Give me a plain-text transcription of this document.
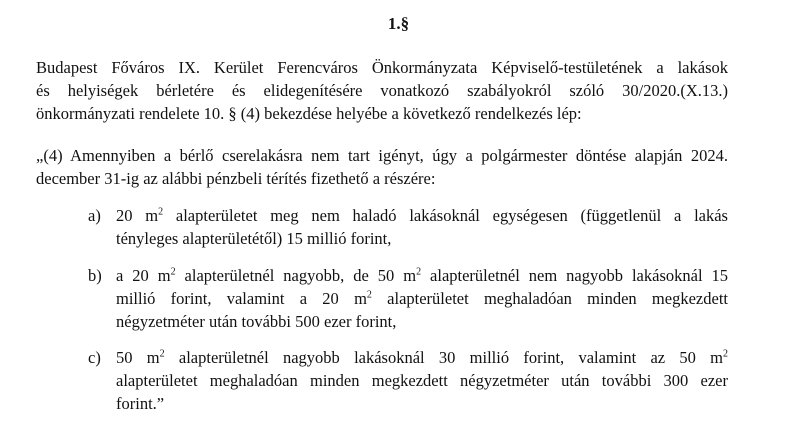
1.§
Budapest Főváros IX. Kerület Ferencváros Önkormányzata Képviselő-testületének a lakások
és helyiségek bérletére és elidegenítésére vonatkozó szabályokról szóló 30/2020.(X.13.)
önkormányzati rendelete 10. § (4) bekezdése helyébe a következő rendelkezés lép:
„(4) Amennyiben a bérlő cserelakásra nem tart igényt, úgy a polgármester döntése alapján 2024.
december 31-ig az alábbi pénzbeli térítés fizethető a részére:
a) 20 $m^2$ alapterületet meg nem haladó lakásoknál egységesen (függetlenül a lakás
tényleges alapterületétől) 15 millió forint,
b) a 20 $m^2$ alapterületnél nagyobb, de 50 $m^2$ alapterületnél nem nagyobb lakásoknál 15
millió forint, valamint a 20 $m^2$ alapterületet meghaladóan minden megkezdett
négyzetméter után további 500 ezer forint,
c) 50 $m^2$ alapterületnél nagyobb lakásoknál 30 millió forint, valamint az 50 $m^2$
alapterületet meghaladóan minden megkezdett négyzetméter után további 300 ezer
forint.”
